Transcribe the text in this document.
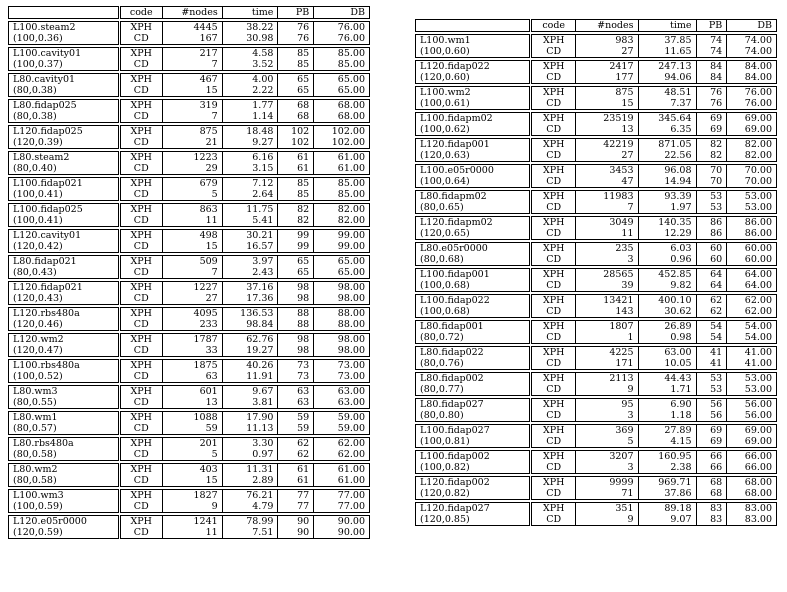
	code	#nodes	time	PB	DB

L100.steam2	XPH	4445	38.22	76	76.00
(100,0.36)	CD	167	30.98	76	76.00

L100.cavity01	XPH	217	4.58	85	85.00
(100,0.37)	CD	7	3.52	85	85.00

L80.cavity01	XPH	467	4.00	65	65.00
(80,0.38)	CD	15	2.22	65	65.00

L80.fidap025	XPH	319	1.77	68	68.00
(80,0.38)	CD	7	1.14	68	68.00

L120.fidap025	XPH	875	18.48	102	102.00
(120,0.39)	CD	21	9.27	102	102.00

L80.steam2	XPH	1223	6.16	61	61.00
(80,0.40)	CD	29	3.15	61	61.00

L100.fidap021	XPH	679	7.12	85	85.00
(100,0.41)	CD	5	2.64	85	85.00

L100.fidap025	XPH	863	11.75	82	82.00
(100,0.41)	CD	11	5.41	82	82.00

L120.cavity01	XPH	498	30.21	99	99.00
(120,0.42)	CD	15	16.57	99	99.00

L80.fidap021	XPH	509	3.97	65	65.00
(80,0.43)	CD	7	2.43	65	65.00

L120.fidap021	XPH	1227	37.16	98	98.00
(120,0.43)	CD	27	17.36	98	98.00

L120.rbs480a	XPH	4095	136.53	88	88.00
(120,0.46)	CD	233	98.84	88	88.00

L120.wm2	XPH	1787	62.76	98	98.00
(120,0.47)	CD	33	19.27	98	98.00

L100.rbs480a	XPH	1875	40.26	73	73.00
(100,0.52)	CD	63	11.91	73	73.00

L80.wm3	XPH	601	9.67	63	63.00
(80,0.55)	CD	13	3.81	63	63.00

L80.wm1	XPH	1088	17.90	59	59.00
(80,0.57)	CD	59	11.13	59	59.00

L80.rbs480a	XPH	201	3.30	62	62.00
(80,0.58)	CD	5	0.97	62	62.00

L80.wm2	XPH	403	11.31	61	61.00
(80,0.58)	CD	15	2.89	61	61.00

L100.wm3	XPH	1827	76.21	77	77.00
(100,0.59)	CD	9	4.79	77	77.00

L120.e05r0000	XPH	1241	78.99	90	90.00
(120,0.59)	CD	11	7.51	90	90.00

	code	#nodes	time	PB	DB

L100.wm1	XPH	983	37.85	74	74.00
(100,0.60)	CD	27	11.65	74	74.00

L120.fidap022	XPH	2417	247.13	84	84.00
(120,0.60)	CD	177	94.06	84	84.00

L100.wm2	XPH	875	48.51	76	76.00
(100,0.61)	CD	15	7.37	76	76.00

L100.fidapm02	XPH	23519	345.64	69	69.00
(100,0.62)	CD	13	6.35	69	69.00

L120.fidap001	XPH	42219	871.05	82	82.00
(120,0.63)	CD	27	22.56	82	82.00

L100.e05r0000	XPH	3453	96.08	70	70.00
(100,0.64)	CD	47	14.94	70	70.00

L80.fidapm02	XPH	11983	93.39	53	53.00
(80,0.65)	CD	7	1.97	53	53.00

L120.fidapm02	XPH	3049	140.35	86	86.00
(120,0.65)	CD	11	12.29	86	86.00

L80.e05r0000	XPH	235	6.03	60	60.00
(80,0.68)	CD	3	0.96	60	60.00

L100.fidap001	XPH	28565	452.85	64	64.00
(100,0.68)	CD	39	9.82	64	64.00

L100.fidap022	XPH	13421	400.10	62	62.00
(100,0.68)	CD	143	30.62	62	62.00

L80.fidap001	XPH	1807	26.89	54	54.00
(80,0.72)	CD	1	0.98	54	54.00

L80.fidap022	XPH	4225	63.00	41	41.00
(80,0.76)	CD	171	10.05	41	41.00

L80.fidap002	XPH	2113	44.43	53	53.00
(80,0.77)	CD	9	1.71	53	53.00

L80.fidap027	XPH	95	6.90	56	56.00
(80,0.80)	CD	3	1.18	56	56.00

L100.fidap027	XPH	369	27.89	69	69.00
(100,0.81)	CD	5	4.15	69	69.00

L100.fidap002	XPH	3207	160.95	66	66.00
(100,0.82)	CD	3	2.38	66	66.00

L120.fidap002	XPH	9999	969.71	68	68.00
(120,0.82)	CD	71	37.86	68	68.00

L120.fidap027	XPH	351	89.18	83	83.00
(120,0.85)	CD	9	9.07	83	83.00
